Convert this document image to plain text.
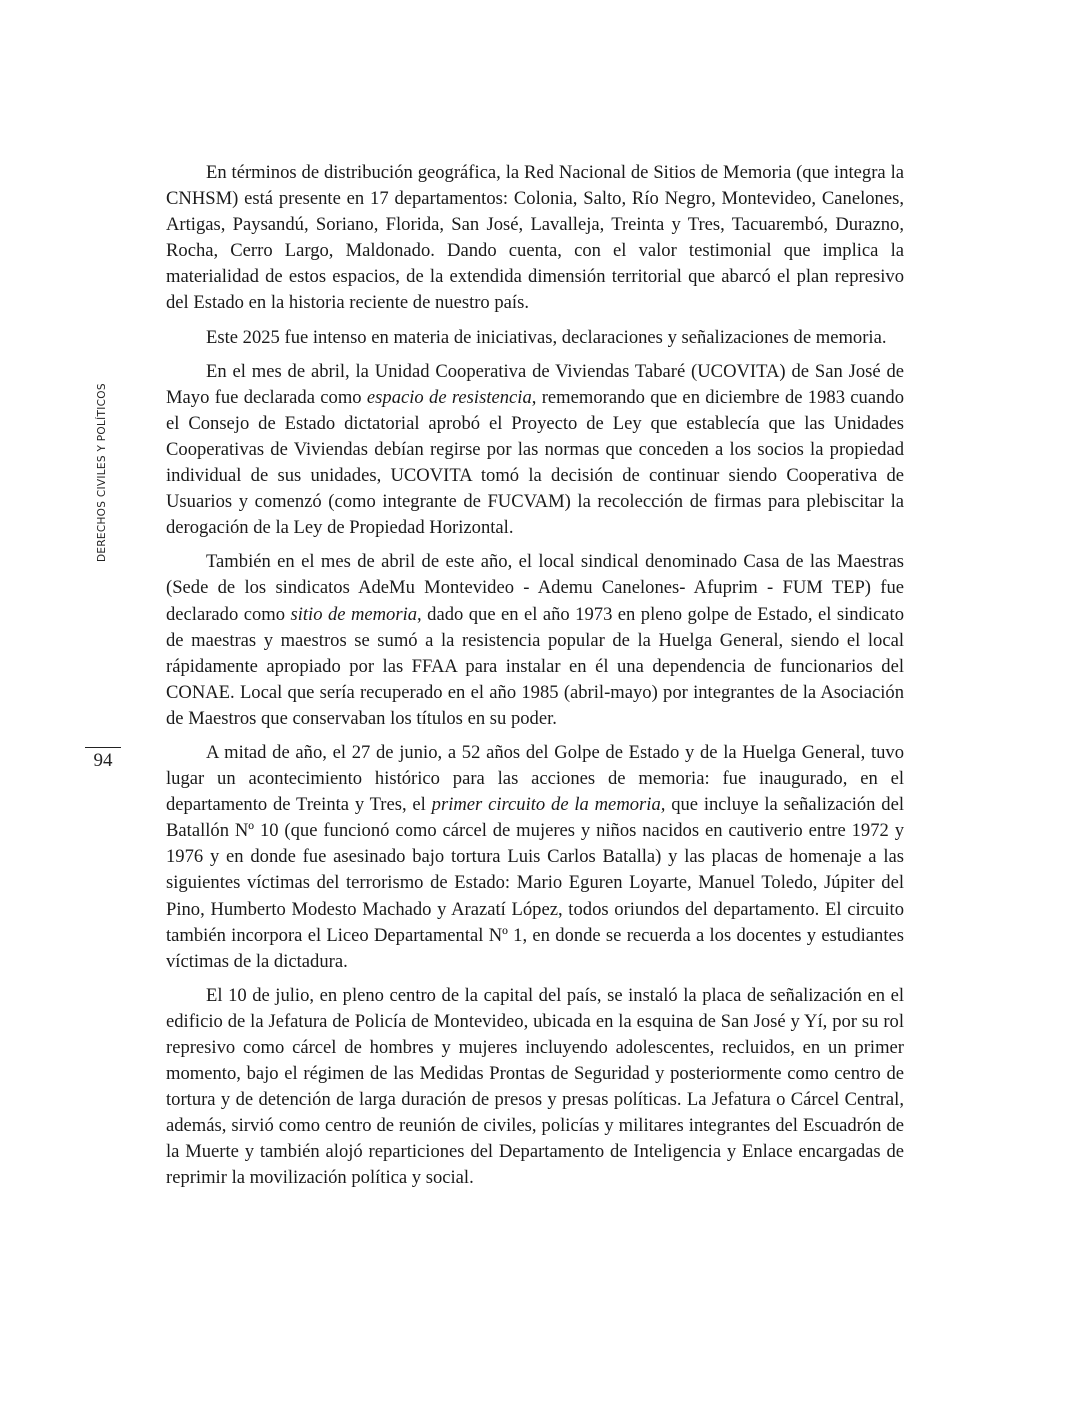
DERECHOS CIVILES Y POLÍTICOS
94

En términos de distribución geográfica, la Red Nacional de Sitios de Memoria (que integra la CNHSM) está presente en 17 departamentos: Colonia, Salto, Río Negro, Montevideo, Canelones, Artigas, Paysandú, Soriano, Florida, San José, Lavalleja, Treinta y Tres, Tacuarembó, Durazno, Rocha, Cerro Largo, Maldonado. Dando cuenta, con el valor testimonial que implica la materialidad de estos espacios, de la extendida dimensión territorial que abarcó el plan represivo del Estado en la historia reciente de nuestro país.

Este 2025 fue intenso en materia de iniciativas, declaraciones y señalizaciones de memoria.

En el mes de abril, la Unidad Cooperativa de Viviendas Tabaré (UCOVITA) de San José de Mayo fue declarada como espacio de resistencia, rememorando que en diciembre de 1983 cuando el Consejo de Estado dictatorial aprobó el Proyecto de Ley que establecía que las Unidades Cooperativas de Viviendas debían regirse por las normas que conceden a los socios la propiedad individual de sus unidades, UCOVITA tomó la decisión de continuar siendo Cooperativa de Usuarios y comenzó (como integrante de FUCVAM) la recolección de firmas para plebiscitar la derogación de la Ley de Propiedad Horizontal.

También en el mes de abril de este año, el local sindical denominado Casa de las Maestras (Sede de los sindicatos AdeMu Montevideo - Ademu Canelones- Afuprim - FUM TEP) fue declarado como sitio de memoria, dado que en el año 1973 en pleno golpe de Estado, el sindicato de maestras y maestros se sumó a la resistencia popular de la Huelga General, siendo el local rápidamente apropiado por las FFAA para instalar en él una dependencia de funcionarios del CONAE. Local que sería recuperado en el año 1985 (abril-mayo) por integrantes de la Asociación de Maestros que conservaban los títulos en su poder.

A mitad de año, el 27 de junio, a 52 años del Golpe de Estado y de la Huelga General, tuvo lugar un acontecimiento histórico para las acciones de memoria: fue inaugurado, en el departamento de Treinta y Tres, el primer circuito de la memoria, que incluye la señalización del Batallón Nº 10 (que funcionó como cárcel de mujeres y niños nacidos en cautiverio entre 1972 y 1976 y en donde fue asesinado bajo tortura Luis Carlos Batalla) y las placas de homenaje a las siguientes víctimas del terrorismo de Estado: Mario Eguren Loyarte, Manuel Toledo, Júpiter del Pino, Humberto Modesto Machado y Arazatí López, todos oriundos del departamento. El circuito también incorpora el Liceo Departamental Nº 1, en donde se recuerda a los docentes y estudiantes víctimas de la dictadura.

El 10 de julio, en pleno centro de la capital del país, se instaló la placa de señalización en el edificio de la Jefatura de Policía de Montevideo, ubicada en la esquina de San José y Yí, por su rol represivo como cárcel de hombres y mujeres incluyendo adolescentes, recluidos, en un primer momento, bajo el régimen de las Medidas Prontas de Seguridad y posteriormente como centro de tortura y de detención de larga duración de presos y presas políticas. La Jefatura o Cárcel Central, además, sirvió como centro de reunión de civiles, policías y militares integrantes del Escuadrón de la Muerte y también alojó reparticiones del Departamento de Inteligencia y Enlace encargadas de reprimir la movilización política y social.
